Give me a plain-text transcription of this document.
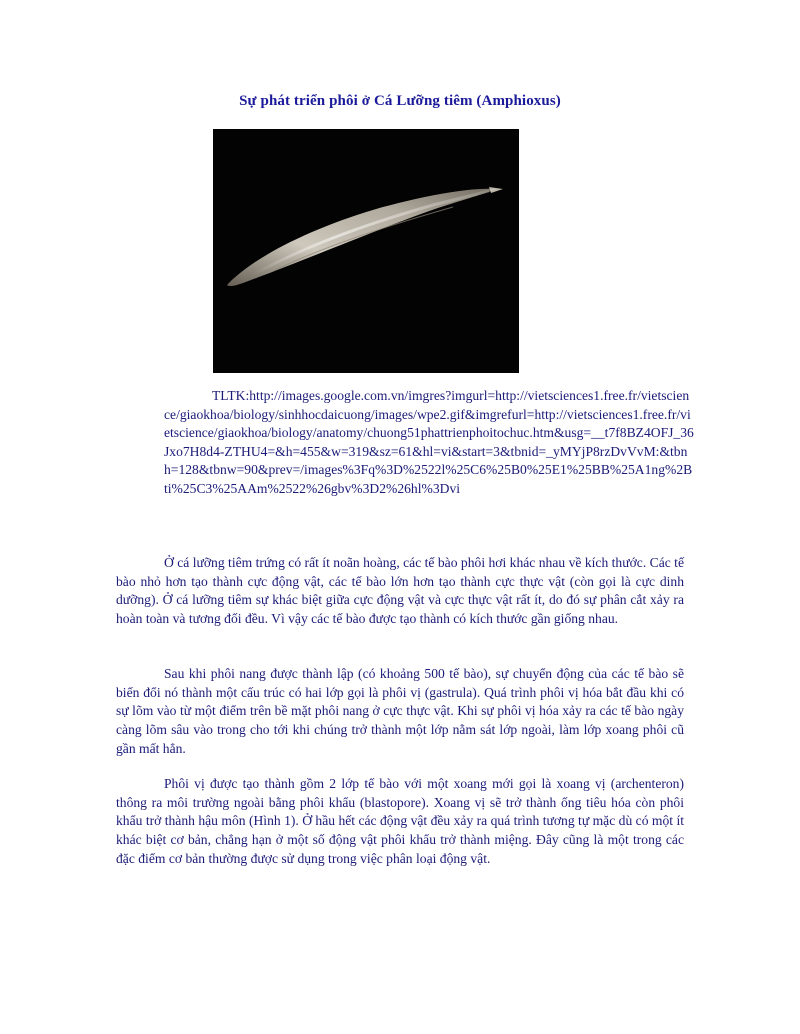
Sự phát triển phôi ở Cá Lưỡng tiêm (Amphioxus)

TLTK:http://images.google.com.vn/imgres?imgurl=http://vietsciences1.free.fr/vietscience/giaokhoa/biology/sinhhocdaicuong/images/wpe2.gif&imgrefurl=http://vietsciences1.free.fr/vietscience/giaokhoa/biology/anatomy/chuong51phattrienphoitochuc.htm&usg=__t7f8BZ4OFJ_36Jxo7H8d4-ZTHU4=&h=455&w=319&sz=61&hl=vi&start=3&tbnid=_yMYjP8rzDvVvM:&tbnh=128&tbnw=90&prev=/images%3Fq%3D%2522l%25C6%25B0%25E1%25BB%25A1ng%2Bti%25C3%25AAm%2522%26gbv%3D2%26hl%3Dvi

Ở cá lưỡng tiêm trứng có rất ít noãn hoàng, các tế bào phôi hơi khác nhau về kích thước. Các tế bào nhỏ hơn tạo thành cực động vật, các tế bào lớn hơn tạo thành cực thực vật (còn gọi là cực dinh dưỡng). Ở cá lưỡng tiêm sự khác biệt giữa cực động vật và cực thực vật rất ít, do đó sự phân cắt xảy ra hoàn toàn và tương đối đều. Vì vậy các tế bào được tạo thành có kích thước gần giống nhau.

Sau khi phôi nang được thành lập (có khoảng 500 tế bào), sự chuyển động của các tế bào sẽ biến đổi nó thành một cấu trúc có hai lớp gọi là phôi vị (gastrula). Quá trình phôi vị hóa bắt đầu khi có sự lõm vào từ một điểm trên bề mặt phôi nang ở cực thực vật. Khi sự phôi vị hóa xảy ra các tế bào ngày càng lõm sâu vào trong cho tới khi chúng trở thành một lớp nằm sát lớp ngoài, làm lớp xoang phôi cũ gần mất hẳn.

Phôi vị được tạo thành gồm 2 lớp tế bào với một xoang mới gọi là xoang vị (archenteron) thông ra môi trường ngoài bằng phôi khẩu (blastopore). Xoang vị sẽ trở thành ống tiêu hóa còn phôi khẩu trở thành hậu môn (Hình 1). Ở hầu hết các động vật đều xảy ra quá trình tương tự mặc dù có một ít khác biệt cơ bản, chẳng hạn ở một số động vật phôi khẩu trở thành miệng. Đây cũng là một trong các đặc điểm cơ bản thường được sử dụng trong việc phân loại động vật.
